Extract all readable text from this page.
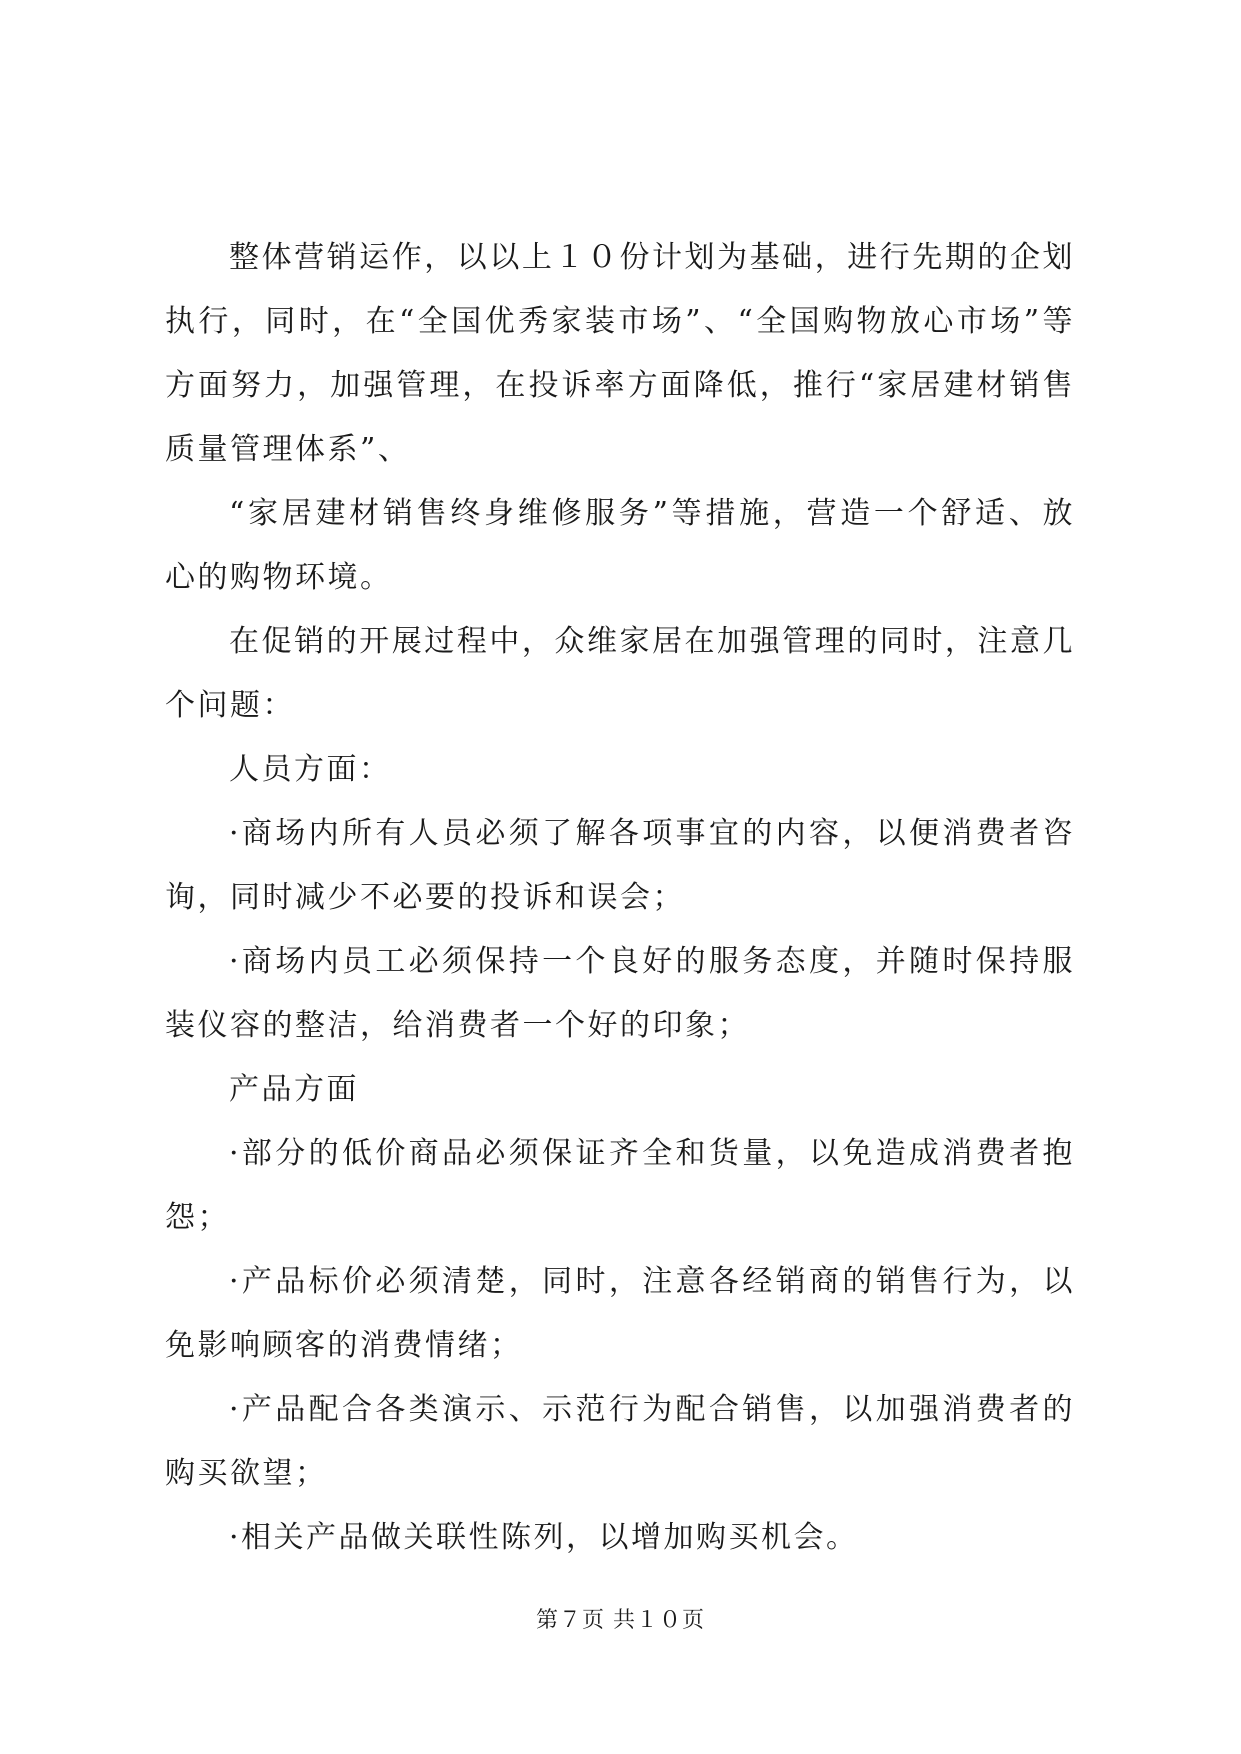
整体营销运作，以以上１０份计划为基础，进行先期的企划执行，同时，在“全国优秀家装市场”、“全国购物放心市场”等方面努力，加强管理，在投诉率方面降低，推行“家居建材销售质量管理体系”、

“家居建材销售终身维修服务”等措施，营造一个舒适、放心的购物环境。

在促销的开展过程中，众维家居在加强管理的同时，注意几个问题：

人员方面：

·商场内所有人员必须了解各项事宜的内容，以便消费者咨询，同时减少不必要的投诉和误会；

·商场内员工必须保持一个良好的服务态度，并随时保持服装仪容的整洁，给消费者一个好的印象；

产品方面

·部分的低价商品必须保证齐全和货量，以免造成消费者抱怨；

·产品标价必须清楚，同时，注意各经销商的销售行为，以免影响顾客的消费情绪；

·产品配合各类演示、示范行为配合销售，以加强消费者的购买欲望；

·相关产品做关联性陈列，以增加购买机会。

第７页 共１０页
